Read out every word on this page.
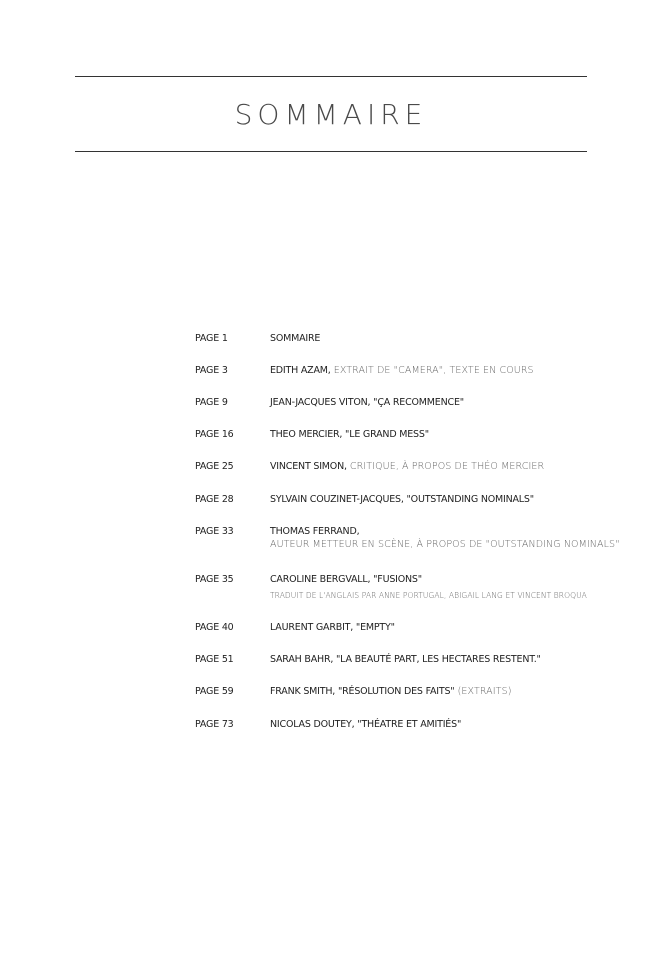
SOMMAIRE
PAGE 1	SOMMAIRE
PAGE 3	EDITH AZAM, EXTRAIT DE "CAMERA", TEXTE EN COURS
PAGE 9	JEAN-JACQUES VITON, "ÇA RECOMMENCE"
PAGE 16	THEO MERCIER, "LE GRAND MESS"
PAGE 25	VINCENT SIMON, CRITIQUE, À PROPOS DE THÉO MERCIER
PAGE 28	SYLVAIN COUZINET-JACQUES, "OUTSTANDING NOMINALS"
PAGE 33	THOMAS FERRAND,
AUTEUR METTEUR EN SCÈNE, À PROPOS DE "OUTSTANDING NOMINALS"
PAGE 35	CAROLINE BERGVALL, "FUSIONS"
TRADUIT DE L'ANGLAIS PAR ANNE PORTUGAL, ABIGAIL LANG ET VINCENT BROQUA
PAGE 40	LAURENT GARBIT, "EMPTY"
PAGE 51	SARAH BAHR, "LA BEAUTÉ PART, LES HECTARES RESTENT."
PAGE 59	FRANK SMITH, "RÉSOLUTION DES FAITS" (EXTRAITS)
PAGE 73	NICOLAS DOUTEY, "THÉATRE ET AMITIÉS"
